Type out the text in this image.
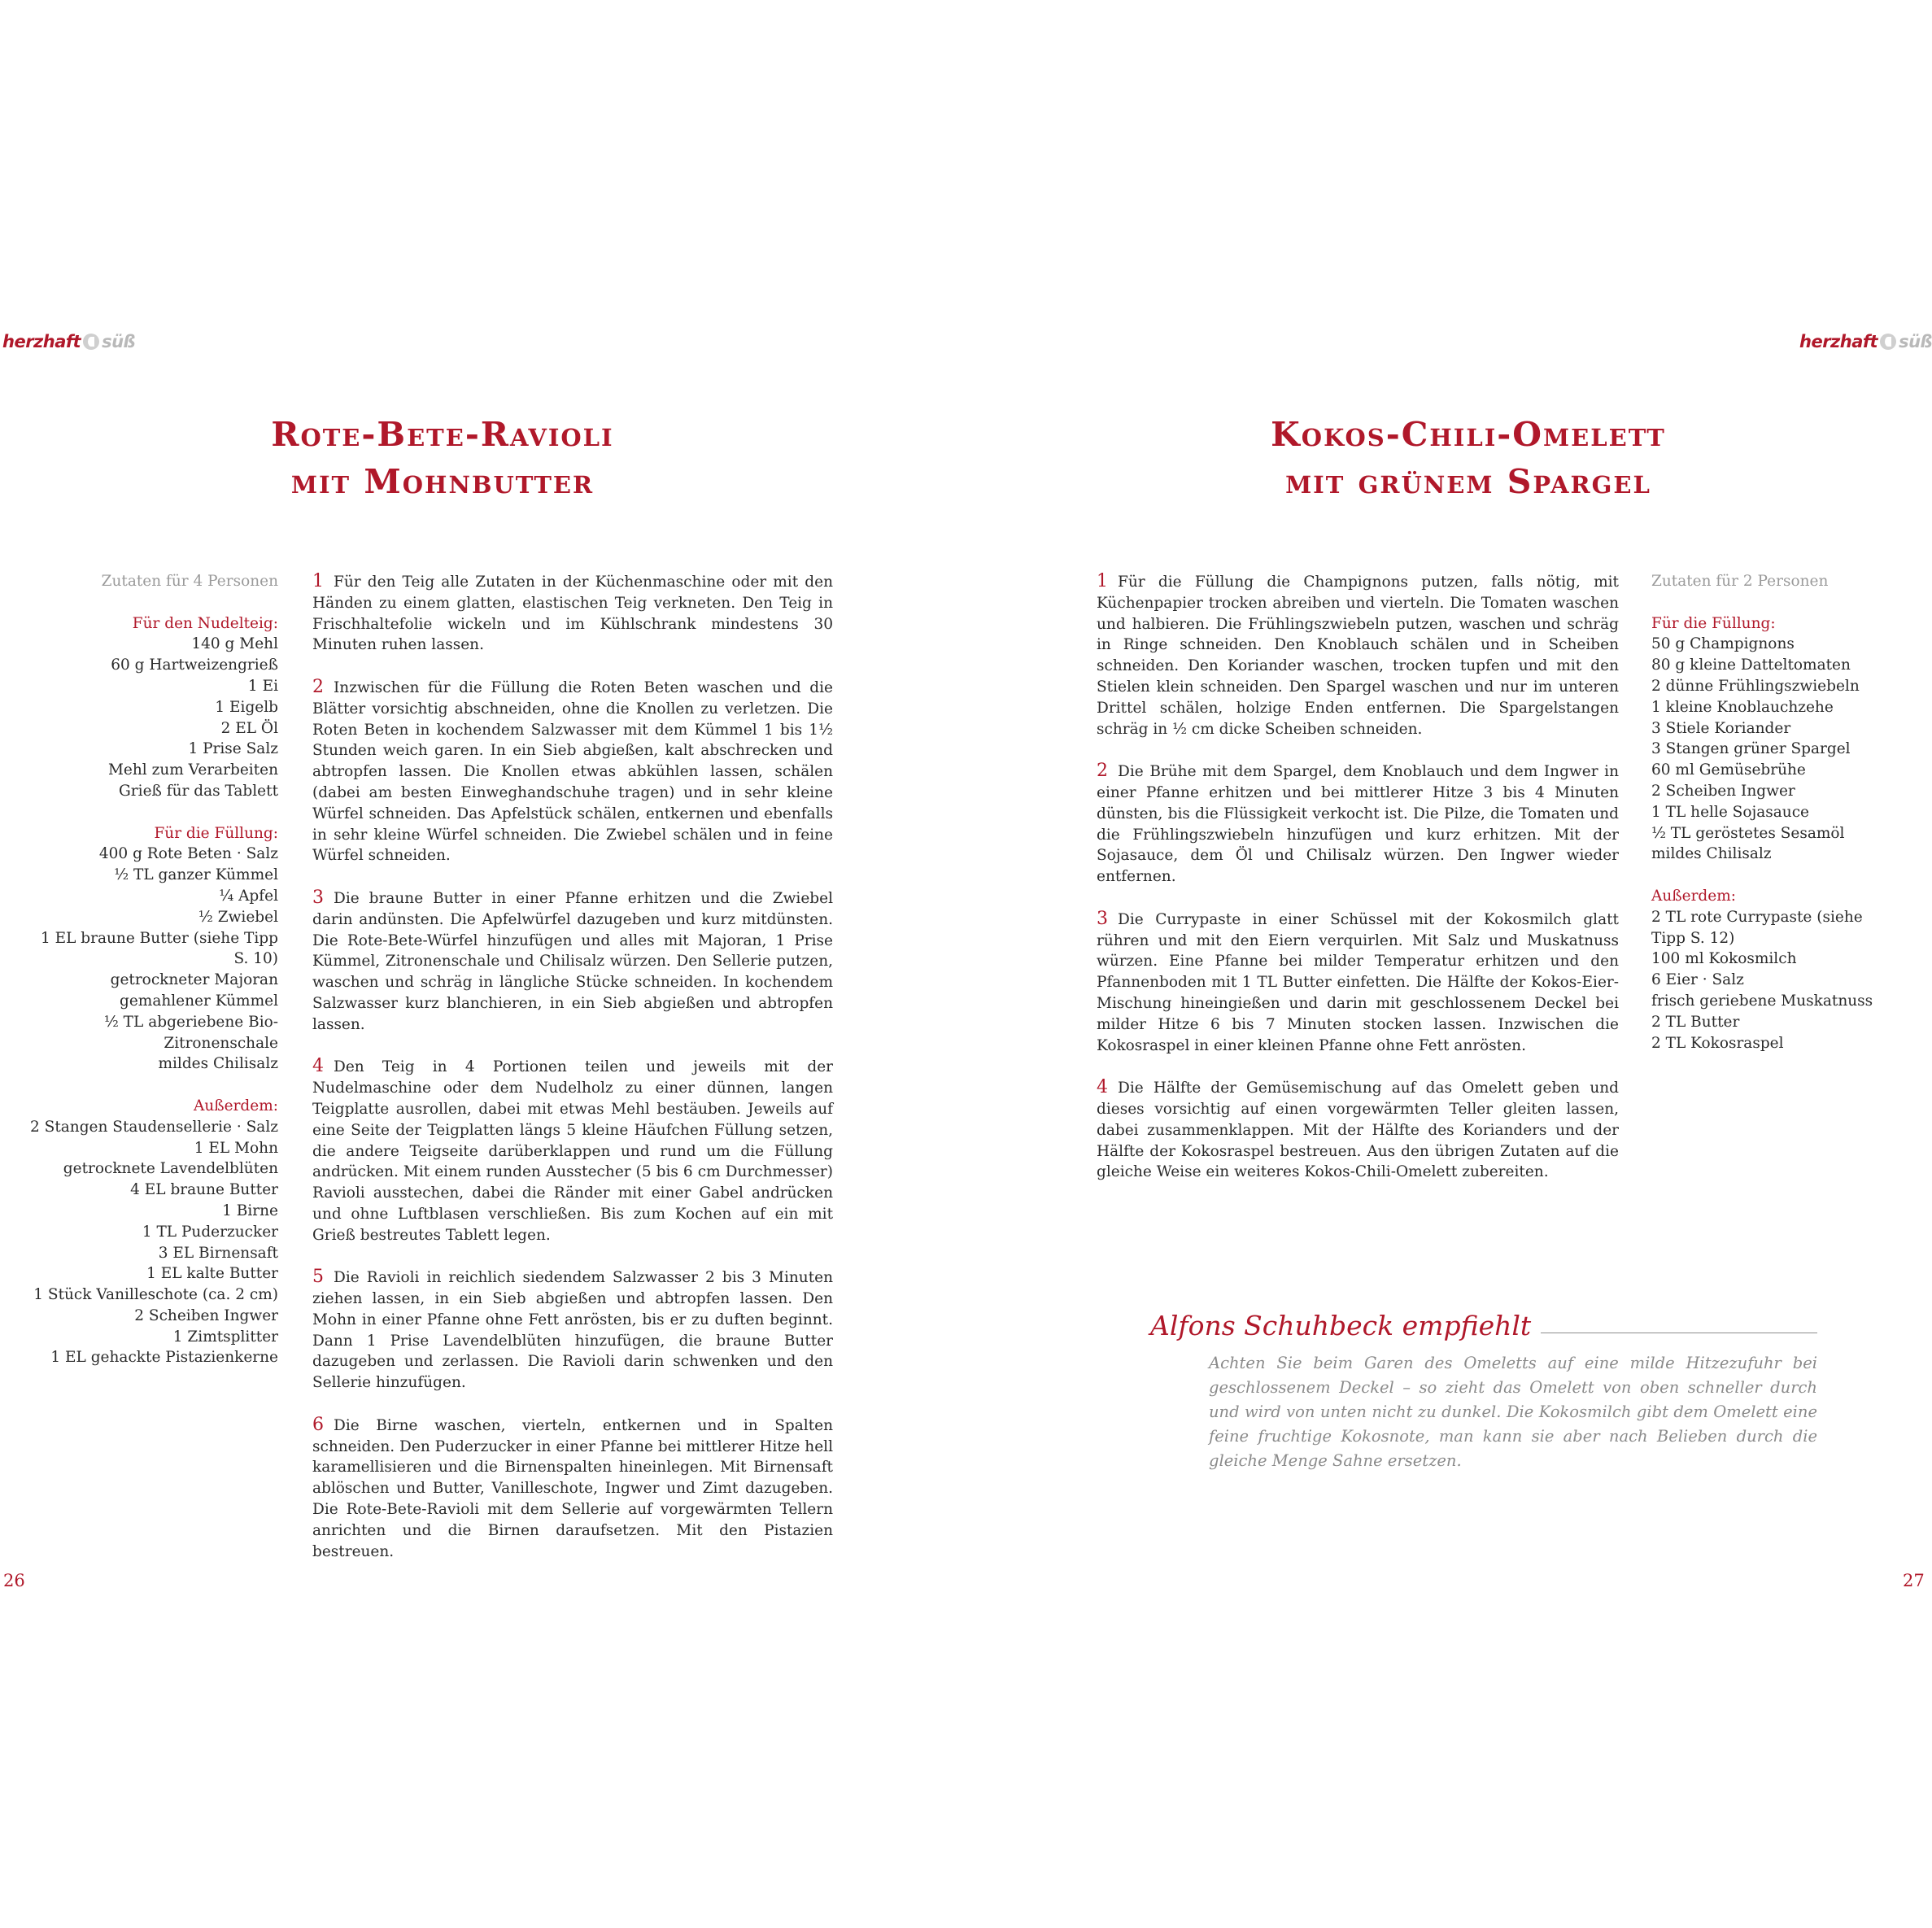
herzhaft süß
Rote-Bete-Ravioli
mit Mohnbutter
Zutaten für 4 Personen
Für den Nudelteig:
140 g Mehl
60 g Hartweizengrieß
1 Ei
1 Eigelb
2 EL Öl
1 Prise Salz
Mehl zum Verarbeiten
Grieß für das Tablett
Für die Füllung:
400 g Rote Beten · Salz
½ TL ganzer Kümmel
¼ Apfel
½ Zwiebel
1 EL braune Butter (siehe Tipp
S. 10)
getrockneter Majoran
gemahlener Kümmel
½ TL abgeriebene Bio-
Zitronenschale
mildes Chilisalz
Außerdem:
2 Stangen Staudensellerie · Salz
1 EL Mohn
getrocknete Lavendelblüten
4 EL braune Butter
1 Birne
1 TL Puderzucker
3 EL Birnensaft
1 EL kalte Butter
1 Stück Vanilleschote (ca. 2 cm)
2 Scheiben Ingwer
1 Zimtsplitter
1 EL gehackte Pistazienkerne
1 Für den Teig alle Zutaten in der Küchenmaschine oder mit den Händen zu einem glatten, elastischen Teig verkneten. Den Teig in Frischhaltefolie wickeln und im Kühlschrank mindestens 30 Minuten ruhen lassen.
2 Inzwischen für die Füllung die Roten Beten waschen und die Blätter vorsichtig abschneiden, ohne die Knollen zu verletzen. Die Roten Beten in kochendem Salzwasser mit dem Kümmel 1 bis 1½ Stunden weich garen. In ein Sieb abgießen, kalt abschrecken und abtropfen lassen. Die Knollen etwas abkühlen lassen, schälen (dabei am besten Einweghandschuhe tragen) und in sehr kleine Würfel schneiden. Das Apfelstück schälen, entkernen und ebenfalls in sehr kleine Würfel schneiden. Die Zwiebel schälen und in feine Würfel schneiden.
3 Die braune Butter in einer Pfanne erhitzen und die Zwiebel darin andünsten. Die Apfelwürfel dazugeben und kurz mitdünsten. Die Rote-Bete-Würfel hinzufügen und alles mit Majoran, 1 Prise Kümmel, Zitronenschale und Chilisalz würzen. Den Sellerie putzen, waschen und schräg in längliche Stücke schneiden. In kochendem Salzwasser kurz blanchieren, in ein Sieb abgießen und abtropfen lassen.
4 Den Teig in 4 Portionen teilen und jeweils mit der Nudelmaschine oder dem Nudelholz zu einer dünnen, langen Teigplatte ausrollen, dabei mit etwas Mehl bestäuben. Jeweils auf eine Seite der Teigplatten längs 5 kleine Häufchen Füllung setzen, die andere Teigseite darüberklappen und rund um die Füllung andrücken. Mit einem runden Ausstecher (5 bis 6 cm Durchmesser) Ravioli ausstechen, dabei die Ränder mit einer Gabel andrücken und ohne Luftblasen verschließen. Bis zum Kochen auf ein mit Grieß bestreutes Tablett legen.
5 Die Ravioli in reichlich siedendem Salzwasser 2 bis 3 Minuten ziehen lassen, in ein Sieb abgießen und abtropfen lassen. Den Mohn in einer Pfanne ohne Fett anrösten, bis er zu duften beginnt. Dann 1 Prise Lavendelblüten hinzufügen, die braune Butter dazugeben und zerlassen. Die Ravioli darin schwenken und den Sellerie hinzufügen.
6 Die Birne waschen, vierteln, entkernen und in Spalten schneiden. Den Puderzucker in einer Pfanne bei mittlerer Hitze hell karamellisieren und die Birnenspalten hineinlegen. Mit Birnensaft ablöschen und Butter, Vanilleschote, Ingwer und Zimt dazugeben. Die Rote-Bete-Ravioli mit dem Sellerie auf vorgewärmten Tellern anrichten und die Birnen daraufsetzen. Mit den Pistazien bestreuen.
26
herzhaft süß
Kokos-Chili-Omelett
mit grünem Spargel
1 Für die Füllung die Champignons putzen, falls nötig, mit Küchenpapier trocken abreiben und vierteln. Die Tomaten waschen und halbieren. Die Frühlingszwiebeln putzen, waschen und schräg in Ringe schneiden. Den Knoblauch schälen und in Scheiben schneiden. Den Koriander waschen, trocken tupfen und mit den Stielen klein schneiden. Den Spargel waschen und nur im unteren Drittel schälen, holzige Enden entfernen. Die Spargelstangen schräg in ½ cm dicke Scheiben schneiden.
2 Die Brühe mit dem Spargel, dem Knoblauch und dem Ingwer in einer Pfanne erhitzen und bei mittlerer Hitze 3 bis 4 Minuten dünsten, bis die Flüssigkeit verkocht ist. Die Pilze, die Tomaten und die Frühlingszwiebeln hinzufügen und kurz erhitzen. Mit der Sojasauce, dem Öl und Chilisalz würzen. Den Ingwer wieder entfernen.
3 Die Currypaste in einer Schüssel mit der Kokosmilch glatt rühren und mit den Eiern verquirlen. Mit Salz und Muskatnuss würzen. Eine Pfanne bei milder Temperatur erhitzen und den Pfannenboden mit 1 TL Butter einfetten. Die Hälfte der Kokos-Eier-Mischung hineingießen und darin mit geschlossenem Deckel bei milder Hitze 6 bis 7 Minuten stocken lassen. Inzwischen die Kokosraspel in einer kleinen Pfanne ohne Fett anrösten.
4 Die Hälfte der Gemüsemischung auf das Omelett geben und dieses vorsichtig auf einen vorgewärmten Teller gleiten lassen, dabei zusammenklappen. Mit der Hälfte des Korianders und der Hälfte der Kokosraspel bestreuen. Aus den übrigen Zutaten auf die gleiche Weise ein weiteres Kokos-Chili-Omelett zubereiten.
Zutaten für 2 Personen
Für die Füllung:
50 g Champignons
80 g kleine Datteltomaten
2 dünne Frühlingszwiebeln
1 kleine Knoblauchzehe
3 Stiele Koriander
3 Stangen grüner Spargel
60 ml Gemüsebrühe
2 Scheiben Ingwer
1 TL helle Sojasauce
½ TL geröstetes Sesamöl
mildes Chilisalz
Außerdem:
2 TL rote Currypaste (siehe
Tipp S. 12)
100 ml Kokosmilch
6 Eier · Salz
frisch geriebene Muskatnuss
2 TL Butter
2 TL Kokosraspel
Alfons Schuhbeck empfiehlt
Achten Sie beim Garen des Omeletts auf eine milde Hitzezufuhr bei geschlossenem Deckel – so zieht das Omelett von oben schneller durch und wird von unten nicht zu dunkel. Die Kokosmilch gibt dem Omelett eine feine fruchtige Kokosnote, man kann sie aber nach Belieben durch die gleiche Menge Sahne ersetzen.
27
